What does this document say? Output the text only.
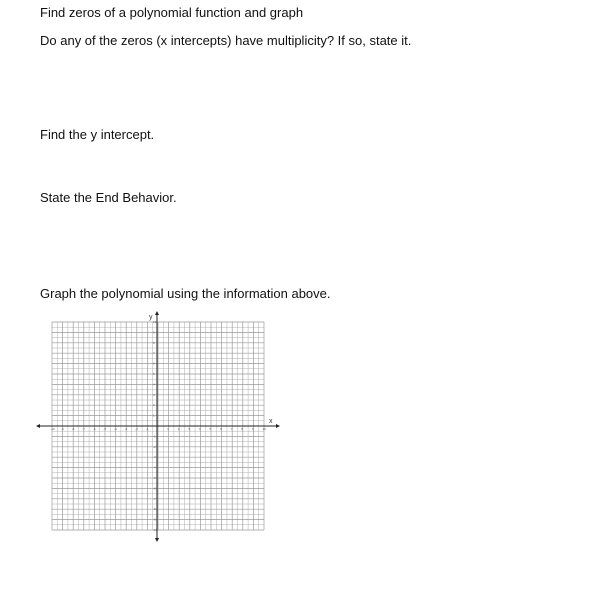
Find zeros of a polynomial function and graph
Do any of the zeros (x intercepts) have multiplicity? If so, state it.
Find the y intercept.
State the End Behavior.
Graph the polynomial using the information above.
-10 -9	-8	-7	-6	-5	-4	-3	-2	-1	1	2	3	4	5	6	7	8	9	10
-10
-9
-8
-7
-6
-5
-4
-3
-2
-1
1
2
3
4
5
6
7
8
9
10
x
y
